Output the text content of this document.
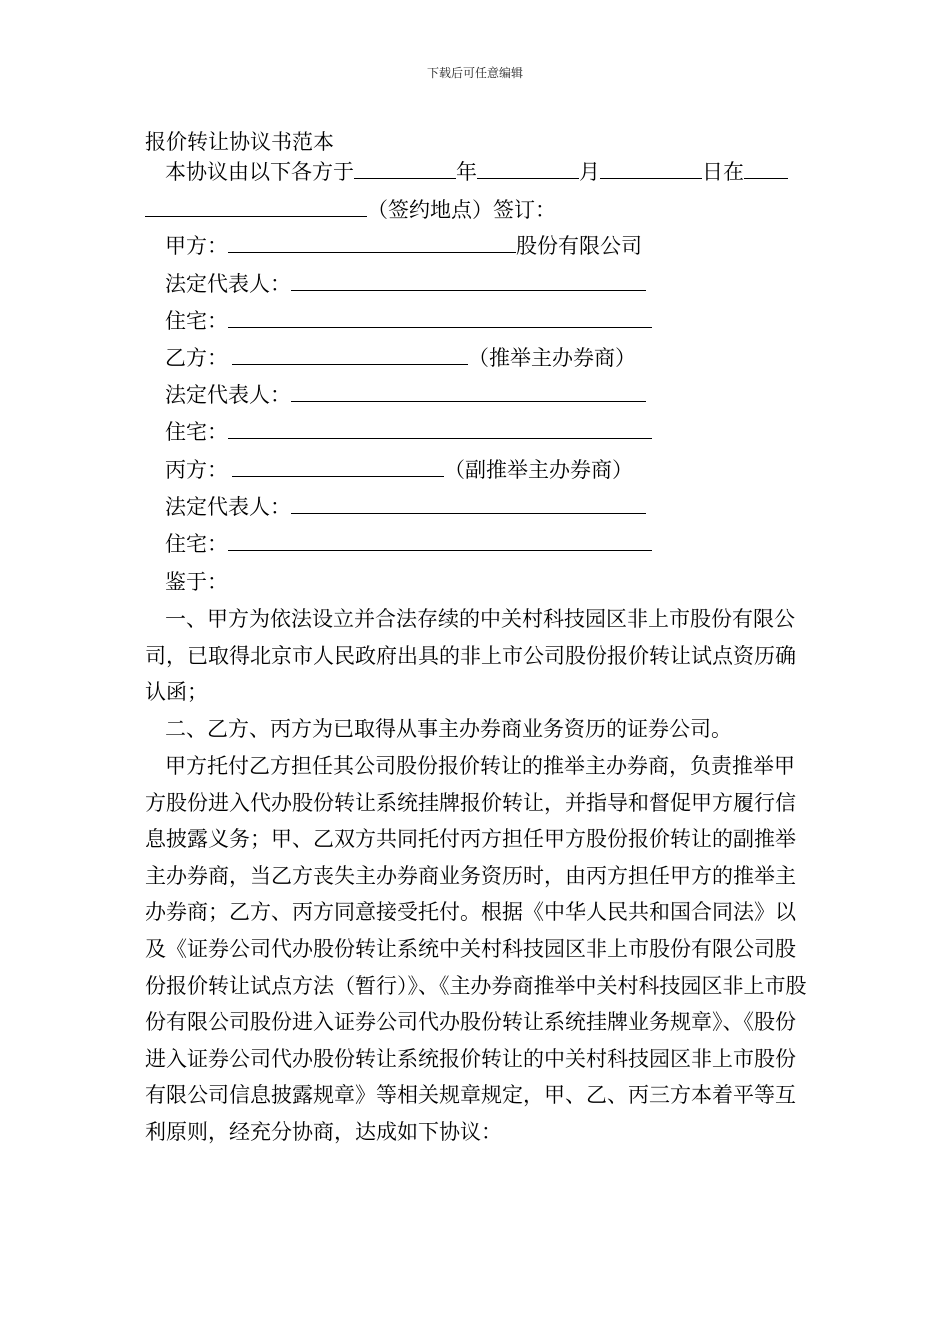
下载后可任意编辑
报价转让协议书范本
本协议由以下各方于	年	月	日在
（签约地点）签订：
甲方：	股份有限公司
法定代表人：
住宅：
乙方：	（推举主办券商）
法定代表人：
住宅：
丙方：	（副推举主办券商）
法定代表人：
住宅：
鉴于：

一、甲方为依法设立并合法存续的中关村科技园区非上市股份有限公司，已取得北京市人民政府出具的非上市公司股份报价转让试点资历确认函；

二、乙方、丙方为已取得从事主办券商业务资历的证券公司。

甲方托付乙方担任其公司股份报价转让的推举主办券商，负责推举甲方股份进入代办股份转让系统挂牌报价转让，并指导和督促甲方履行信息披露义务；甲、乙双方共同托付丙方担任甲方股份报价转让的副推举主办券商，当乙方丧失主办券商业务资历时，由丙方担任甲方的推举主办券商；乙方、丙方同意接受托付。根据《中华人民共和国合同法》以及《证券公司代办股份转让系统中关村科技园区非上市股份有限公司股份报价转让试点方法（暂行）》、《主办券商推举中关村科技园区非上市股份有限公司股份进入证券公司代办股份转让系统挂牌业务规章》、《股份进入证券公司代办股份转让系统报价转让的中关村科技园区非上市股份有限公司信息披露规章》等相关规章规定，甲、乙、丙三方本着平等互利原则，经充分协商，达成如下协议：
